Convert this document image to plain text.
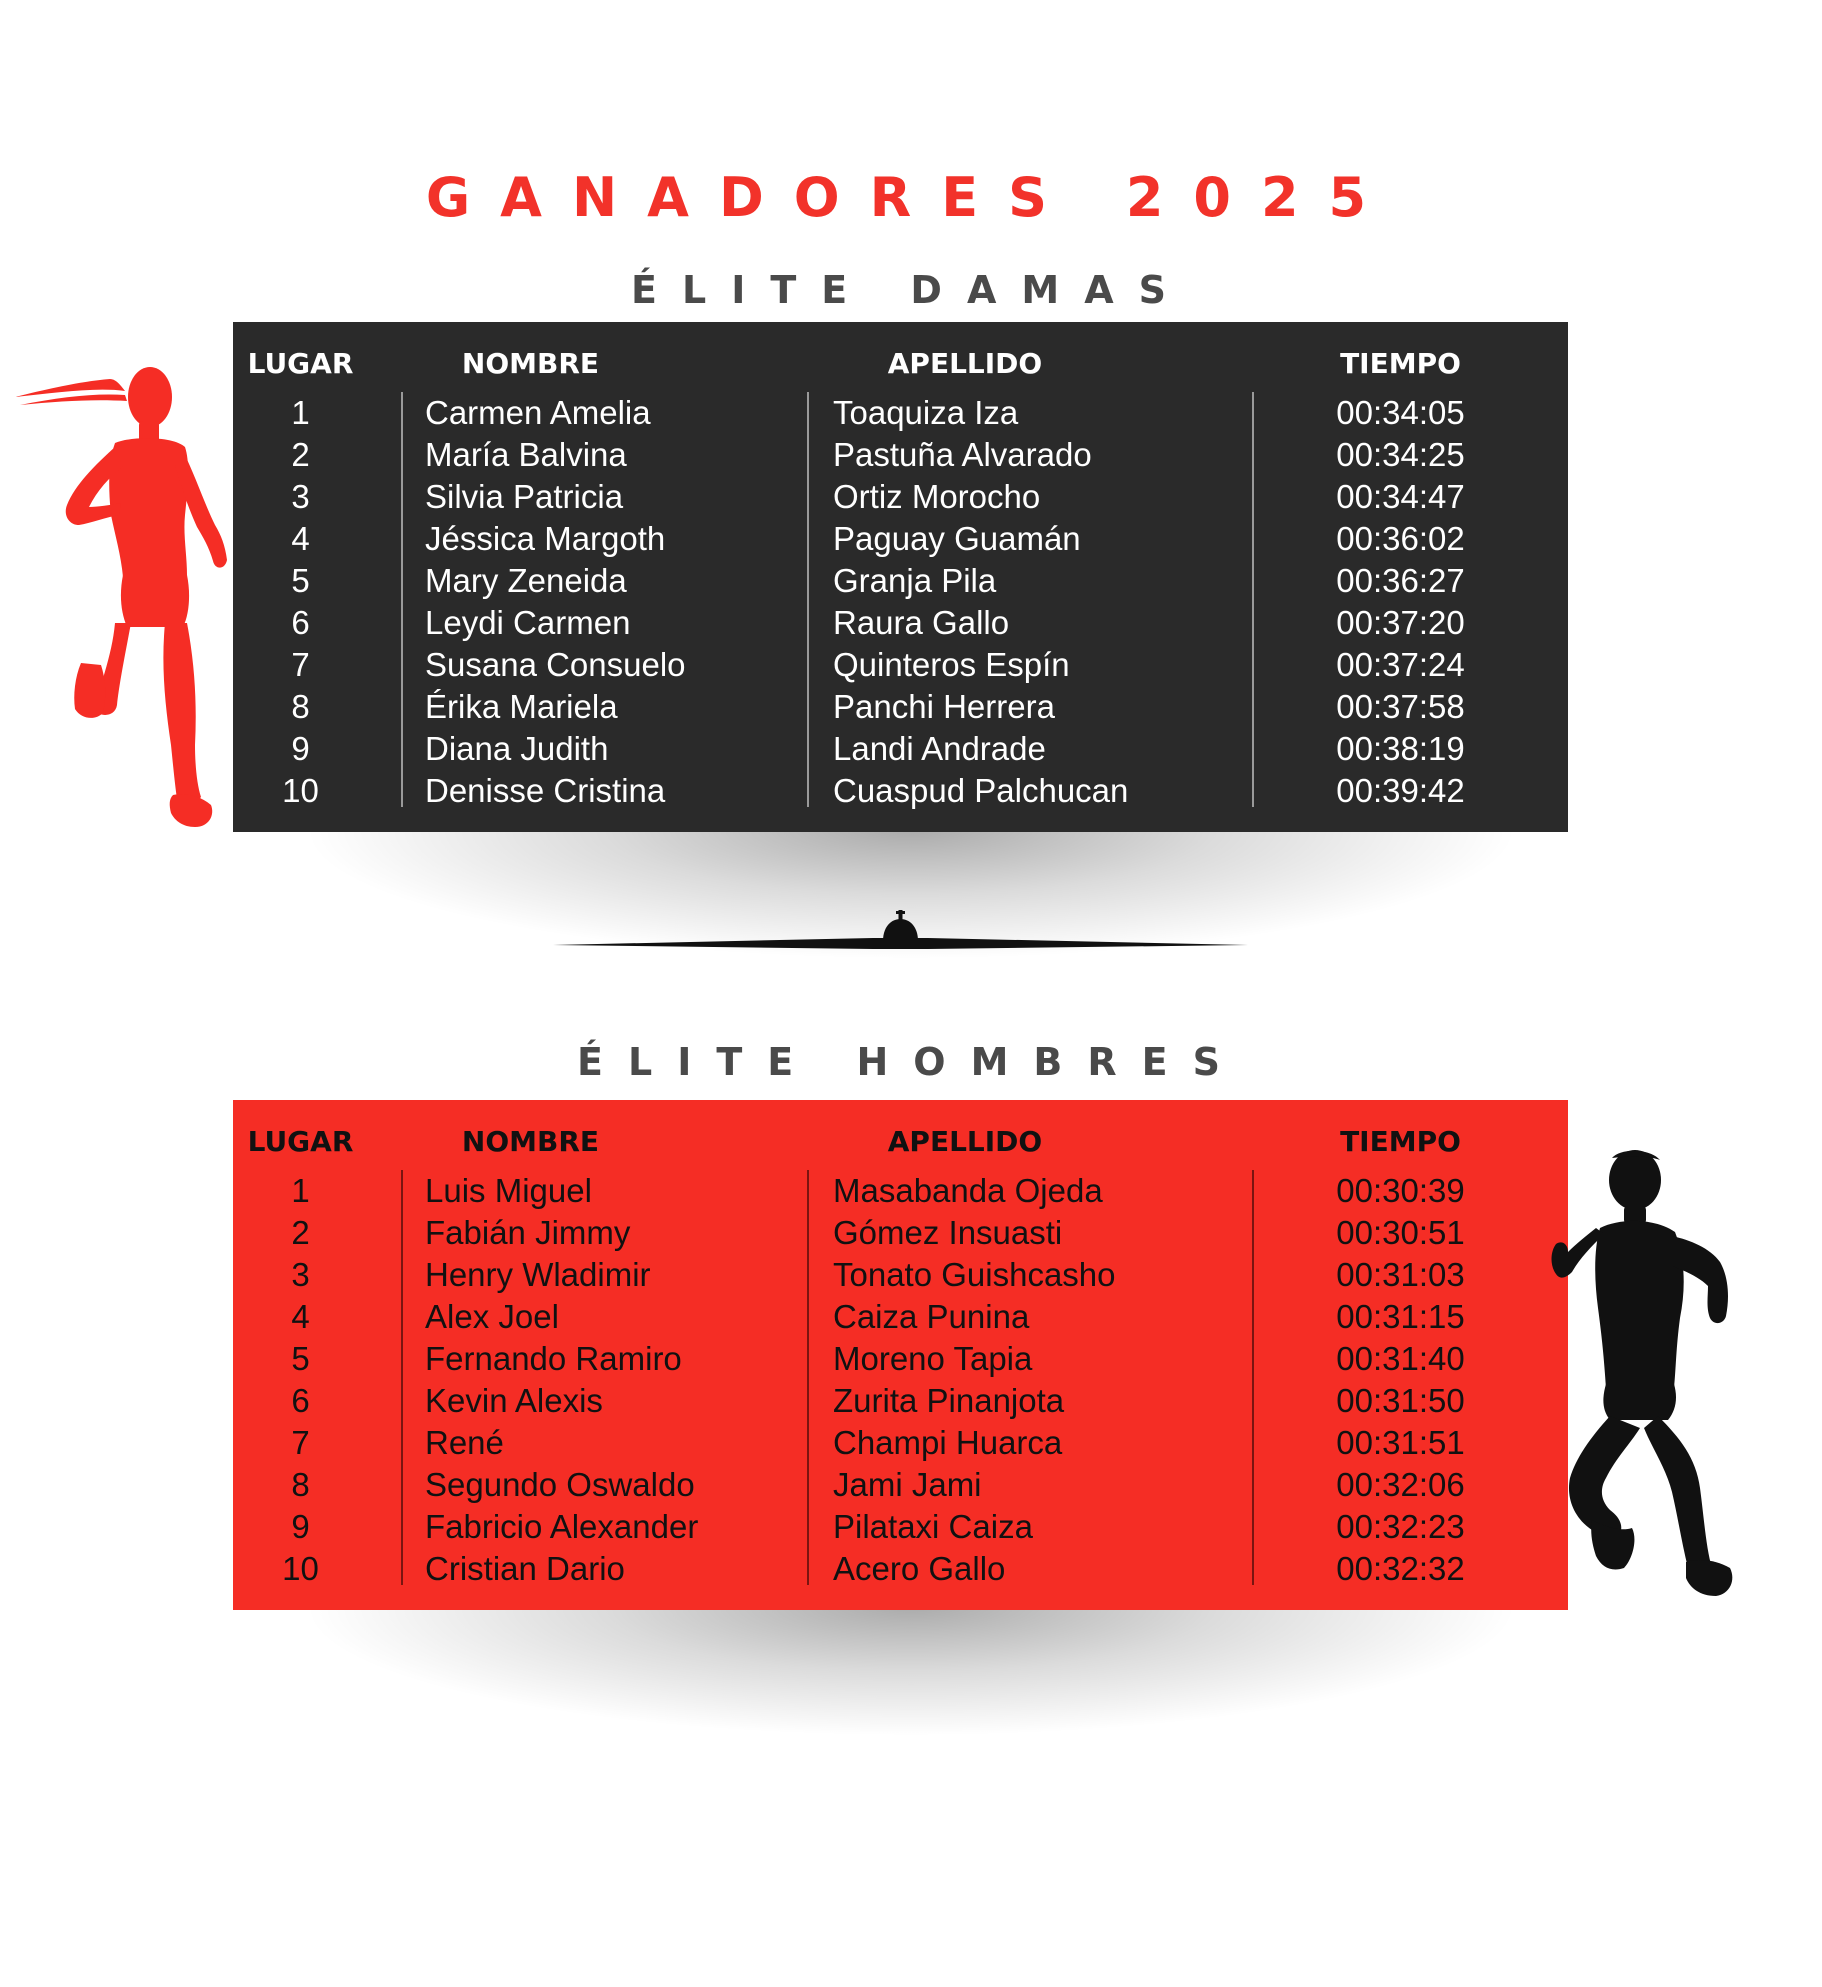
GANADORES 2025
ÉLITE DAMAS
LUGAR	NOMBRE	APELLIDO	TIEMPO
1	Carmen Amelia	Toaquiza Iza	00:34:05
2	María Balvina	Pastuña Alvarado	00:34:25
3	Silvia Patricia	Ortiz Morocho	00:34:47
4	Jéssica Margoth	Paguay Guamán	00:36:02
5	Mary Zeneida	Granja Pila	00:36:27
6	Leydi Carmen	Raura Gallo	00:37:20
7	Susana Consuelo	Quinteros Espín	00:37:24
8	Érika Mariela	Panchi Herrera	00:37:58
9	Diana Judith	Landi Andrade	00:38:19
10	Denisse Cristina	Cuaspud Palchucan	00:39:42
ÉLITE HOMBRES
LUGAR	NOMBRE	APELLIDO	TIEMPO
1	Luis Miguel	Masabanda Ojeda	00:30:39
2	Fabián Jimmy	Gómez Insuasti	00:30:51
3	Henry Wladimir	Tonato Guishcasho	00:31:03
4	Alex Joel	Caiza Punina	00:31:15
5	Fernando Ramiro	Moreno Tapia	00:31:40
6	Kevin Alexis	Zurita Pinanjota	00:31:50
7	René	Champi Huarca	00:31:51
8	Segundo Oswaldo	Jami Jami	00:32:06
9	Fabricio Alexander	Pilataxi Caiza	00:32:23
10	Cristian Dario	Acero Gallo	00:32:32
